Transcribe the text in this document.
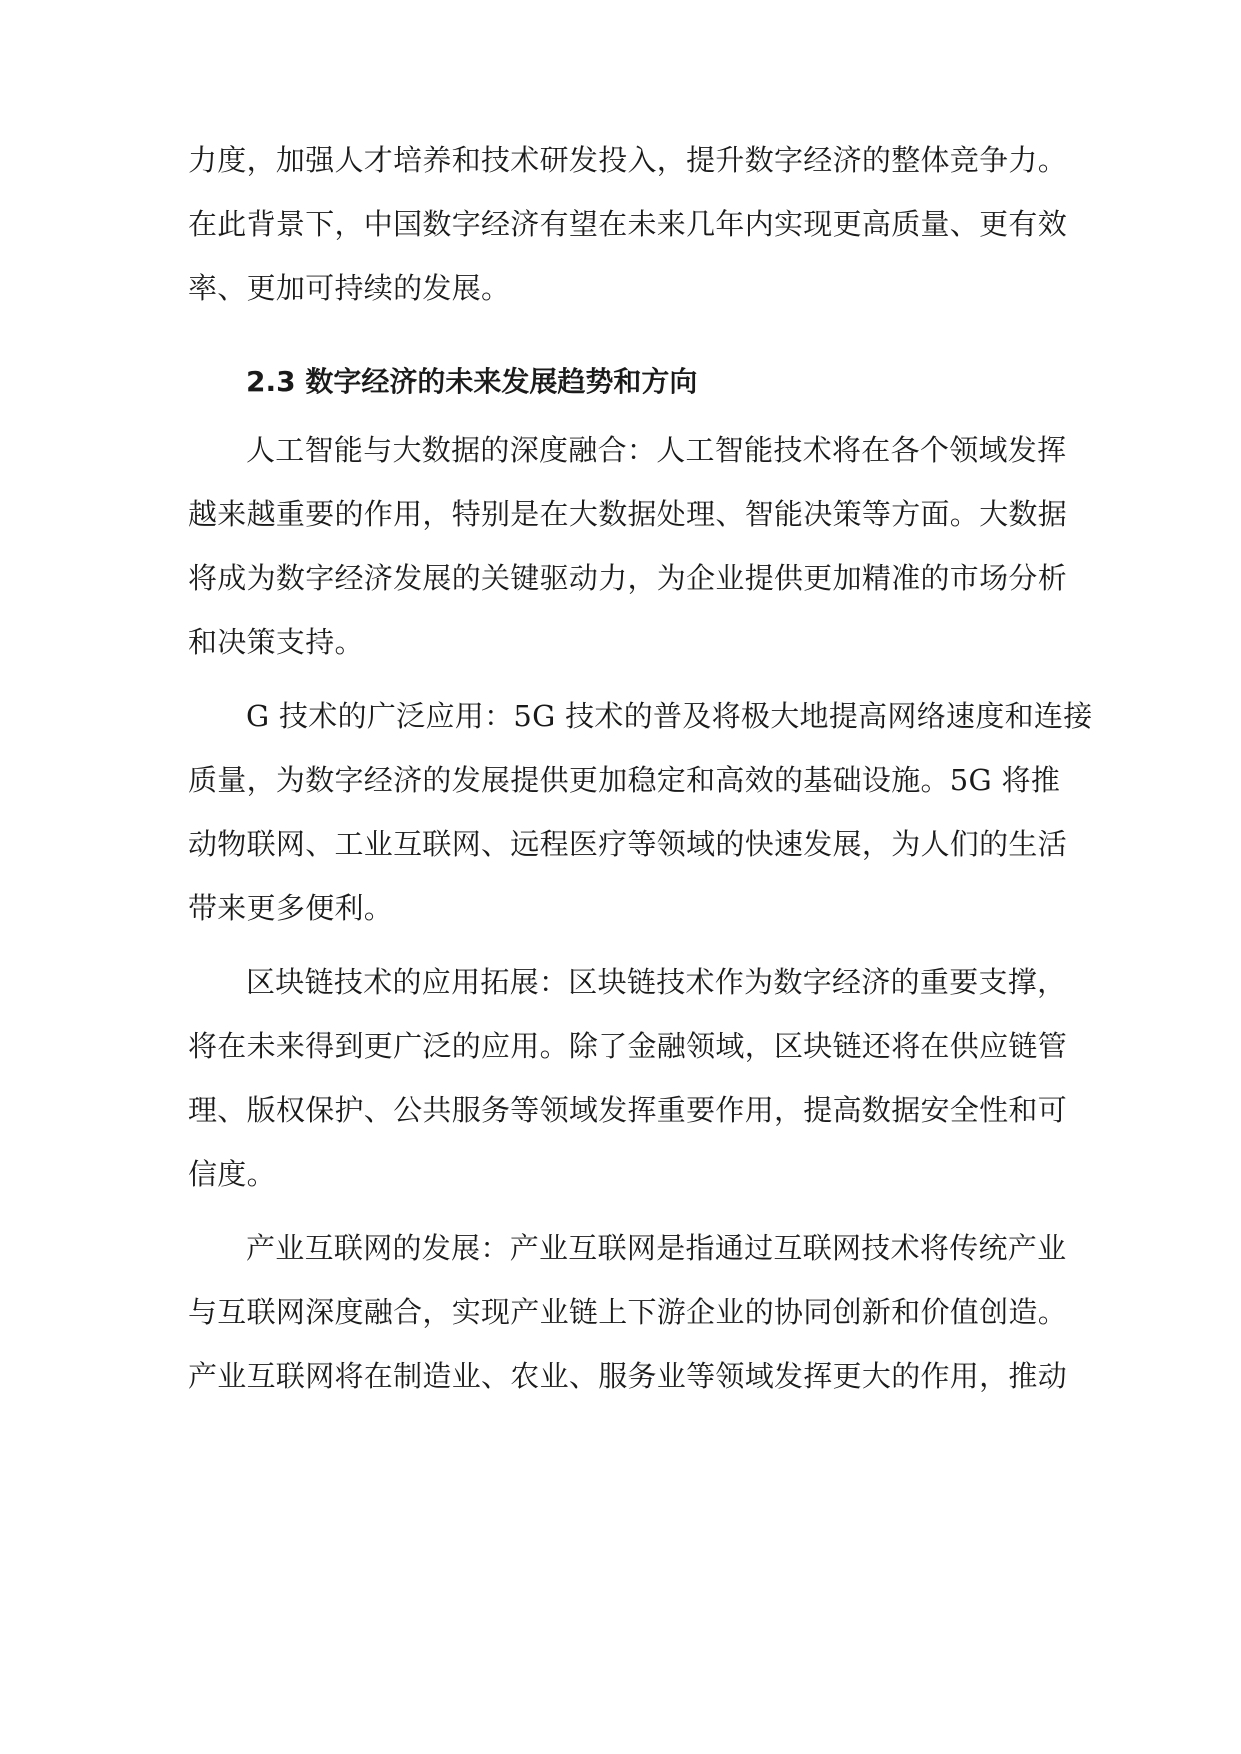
力度，加强人才培养和技术研发投入，提升数字经济的整体竞争力。
在此背景下，中国数字经济有望在未来几年内实现更高质量、更有效
率、更加可持续的发展。
2.3 数字经济的未来发展趋势和方向
人工智能与大数据的深度融合：人工智能技术将在各个领域发挥
越来越重要的作用，特别是在大数据处理、智能决策等方面。大数据
将成为数字经济发展的关键驱动力，为企业提供更加精准的市场分析
和决策支持。
G 技术的广泛应用：5G 技术的普及将极大地提高网络速度和连接
质量，为数字经济的发展提供更加稳定和高效的基础设施。5G 将推
动物联网、工业互联网、远程医疗等领域的快速发展，为人们的生活
带来更多便利。
区块链技术的应用拓展：区块链技术作为数字经济的重要支撑，
将在未来得到更广泛的应用。除了金融领域，区块链还将在供应链管
理、版权保护、公共服务等领域发挥重要作用，提高数据安全性和可
信度。
产业互联网的发展：产业互联网是指通过互联网技术将传统产业
与互联网深度融合，实现产业链上下游企业的协同创新和价值创造。
产业互联网将在制造业、农业、服务业等领域发挥更大的作用，推动
